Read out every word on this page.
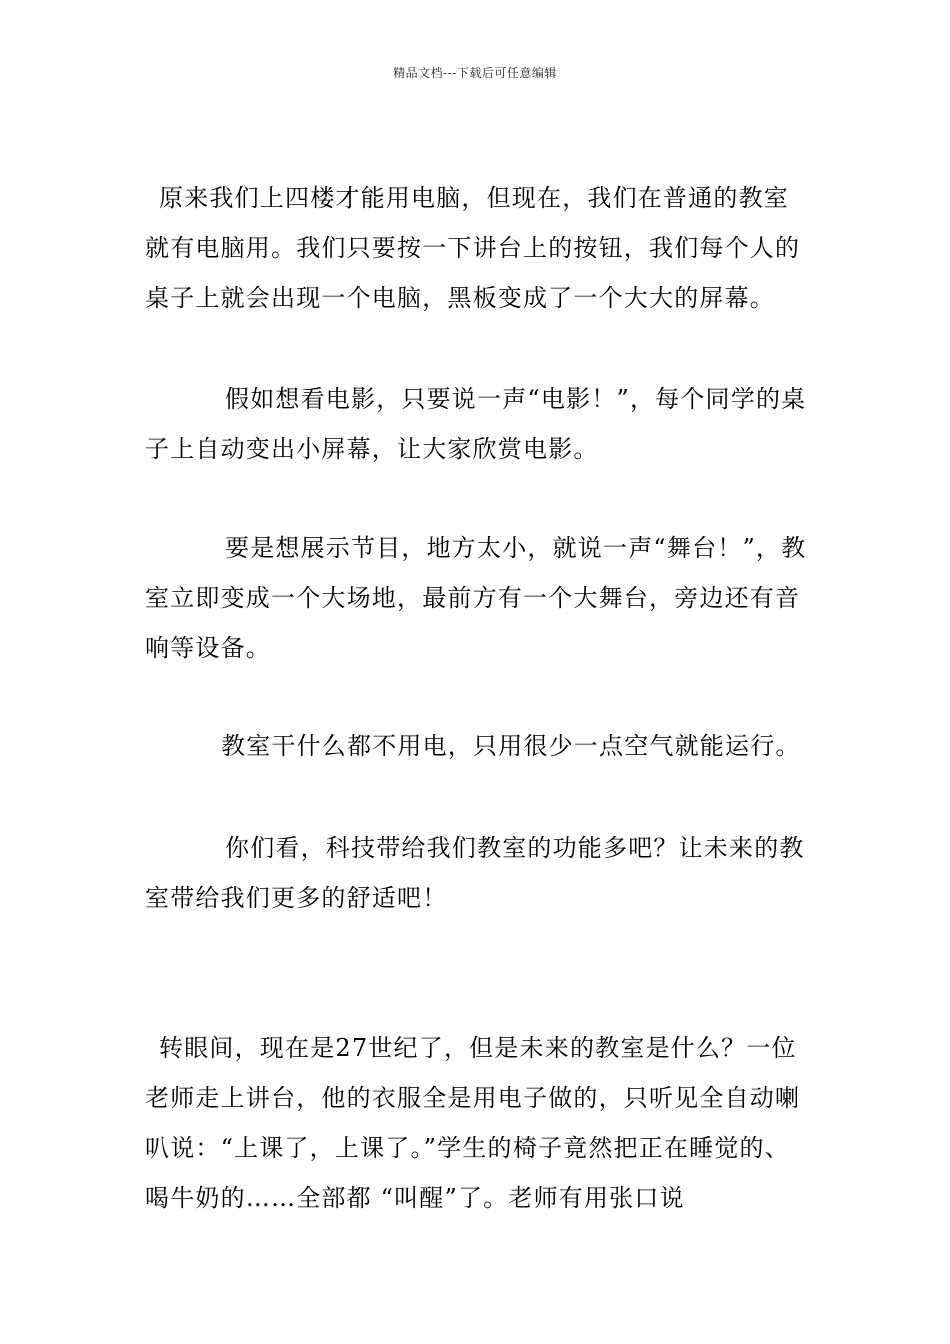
精品文档---下载后可任意编辑

原来我们上四楼才能用电脑，但现在，我们在普通的教室就有电脑用。我们只要按一下讲台上的按钮，我们每个人的桌子上就会出现一个电脑，黑板变成了一个大大的屏幕。

假如想看电影，只要说一声“电影！”，每个同学的桌子上自动变出小屏幕，让大家欣赏电影。

要是想展示节目，地方太小，就说一声“舞台！”，教室立即变成一个大场地，最前方有一个大舞台，旁边还有音响等设备。

教室干什么都不用电，只用很少一点空气就能运行。

你们看，科技带给我们教室的功能多吧？让未来的教室带给我们更多的舒适吧！

转眼间，现在是27世纪了，但是未来的教室是什么？一位老师走上讲台，他的衣服全是用电子做的，只听见全自动喇叭说：“上课了，上课了。”学生的椅子竟然把正在睡觉的、喝牛奶的……全部都 “叫醒”了。老师有用张口说
